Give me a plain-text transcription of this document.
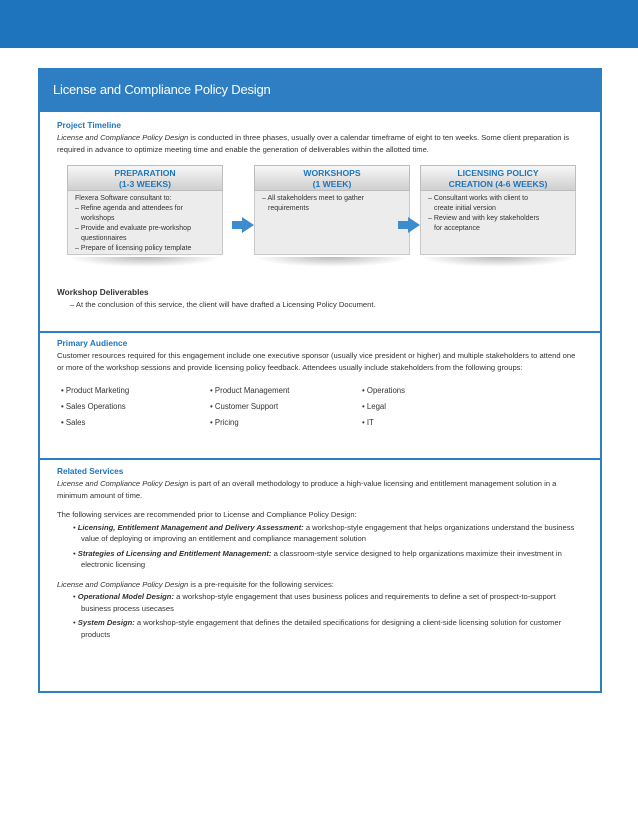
License and Compliance Policy Design
Project Timeline
License and Compliance Policy Design is conducted in three phases, usually over a calendar timeframe of eight to ten weeks. Some client preparation is required in advance to optimize meeting time and enable the generation of deliverables within the allotted time.
PREPARATION
(1-3 WEEKS)
Flexera Software consultant to:
– Refine agenda and attendees for
workshops
– Provide and evaluate pre-workshop
questionnaires
– Prepare of licensing policy template
WORKSHOPS
(1 WEEK)
– All stakeholders meet to gather
requirements
LICENSING POLICY
CREATION (4-6 WEEKS)
– Consultant works with client to
create initial version
– Review and with key stakeholders
for acceptance
Workshop Deliverables
– At the conclusion of this service, the client will have drafted a Licensing Policy Document.
Primary Audience
Customer resources required for this engagement include one executive sponsor (usually vice president or higher) and multiple stakeholders to attend one or more of the workshop sessions and provide licensing policy feedback. Attendees usually include stakeholders from the following groups:
• Product Marketing
• Sales Operations
• Sales
• Product Management
• Customer Support
• Pricing
• Operations
• Legal
• IT
Related Services
License and Compliance Policy Design is part of an overall methodology to produce a high-value licensing and entitlement management solution in a minimum amount of time.
The following services are recommended prior to License and Compliance Policy Design:
• Licensing, Entitlement Management and Delivery Assessment: a workshop-style engagement that helps organizations understand the business value of deploying or improving an entitlement and compliance management solution
• Strategies of Licensing and Entitlement Management: a classroom-style service designed to help organizations maximize their investment in electronic licensing
License and Compliance Policy Design is a pre-requisite for the following services:
• Operational Model Design: a workshop-style engagement that uses business polices and requirements to define a set of prospect-to-support business process usecases
• System Design: a workshop-style engagement that defines the detailed specifications for designing a client-side licensing solution for customer products
